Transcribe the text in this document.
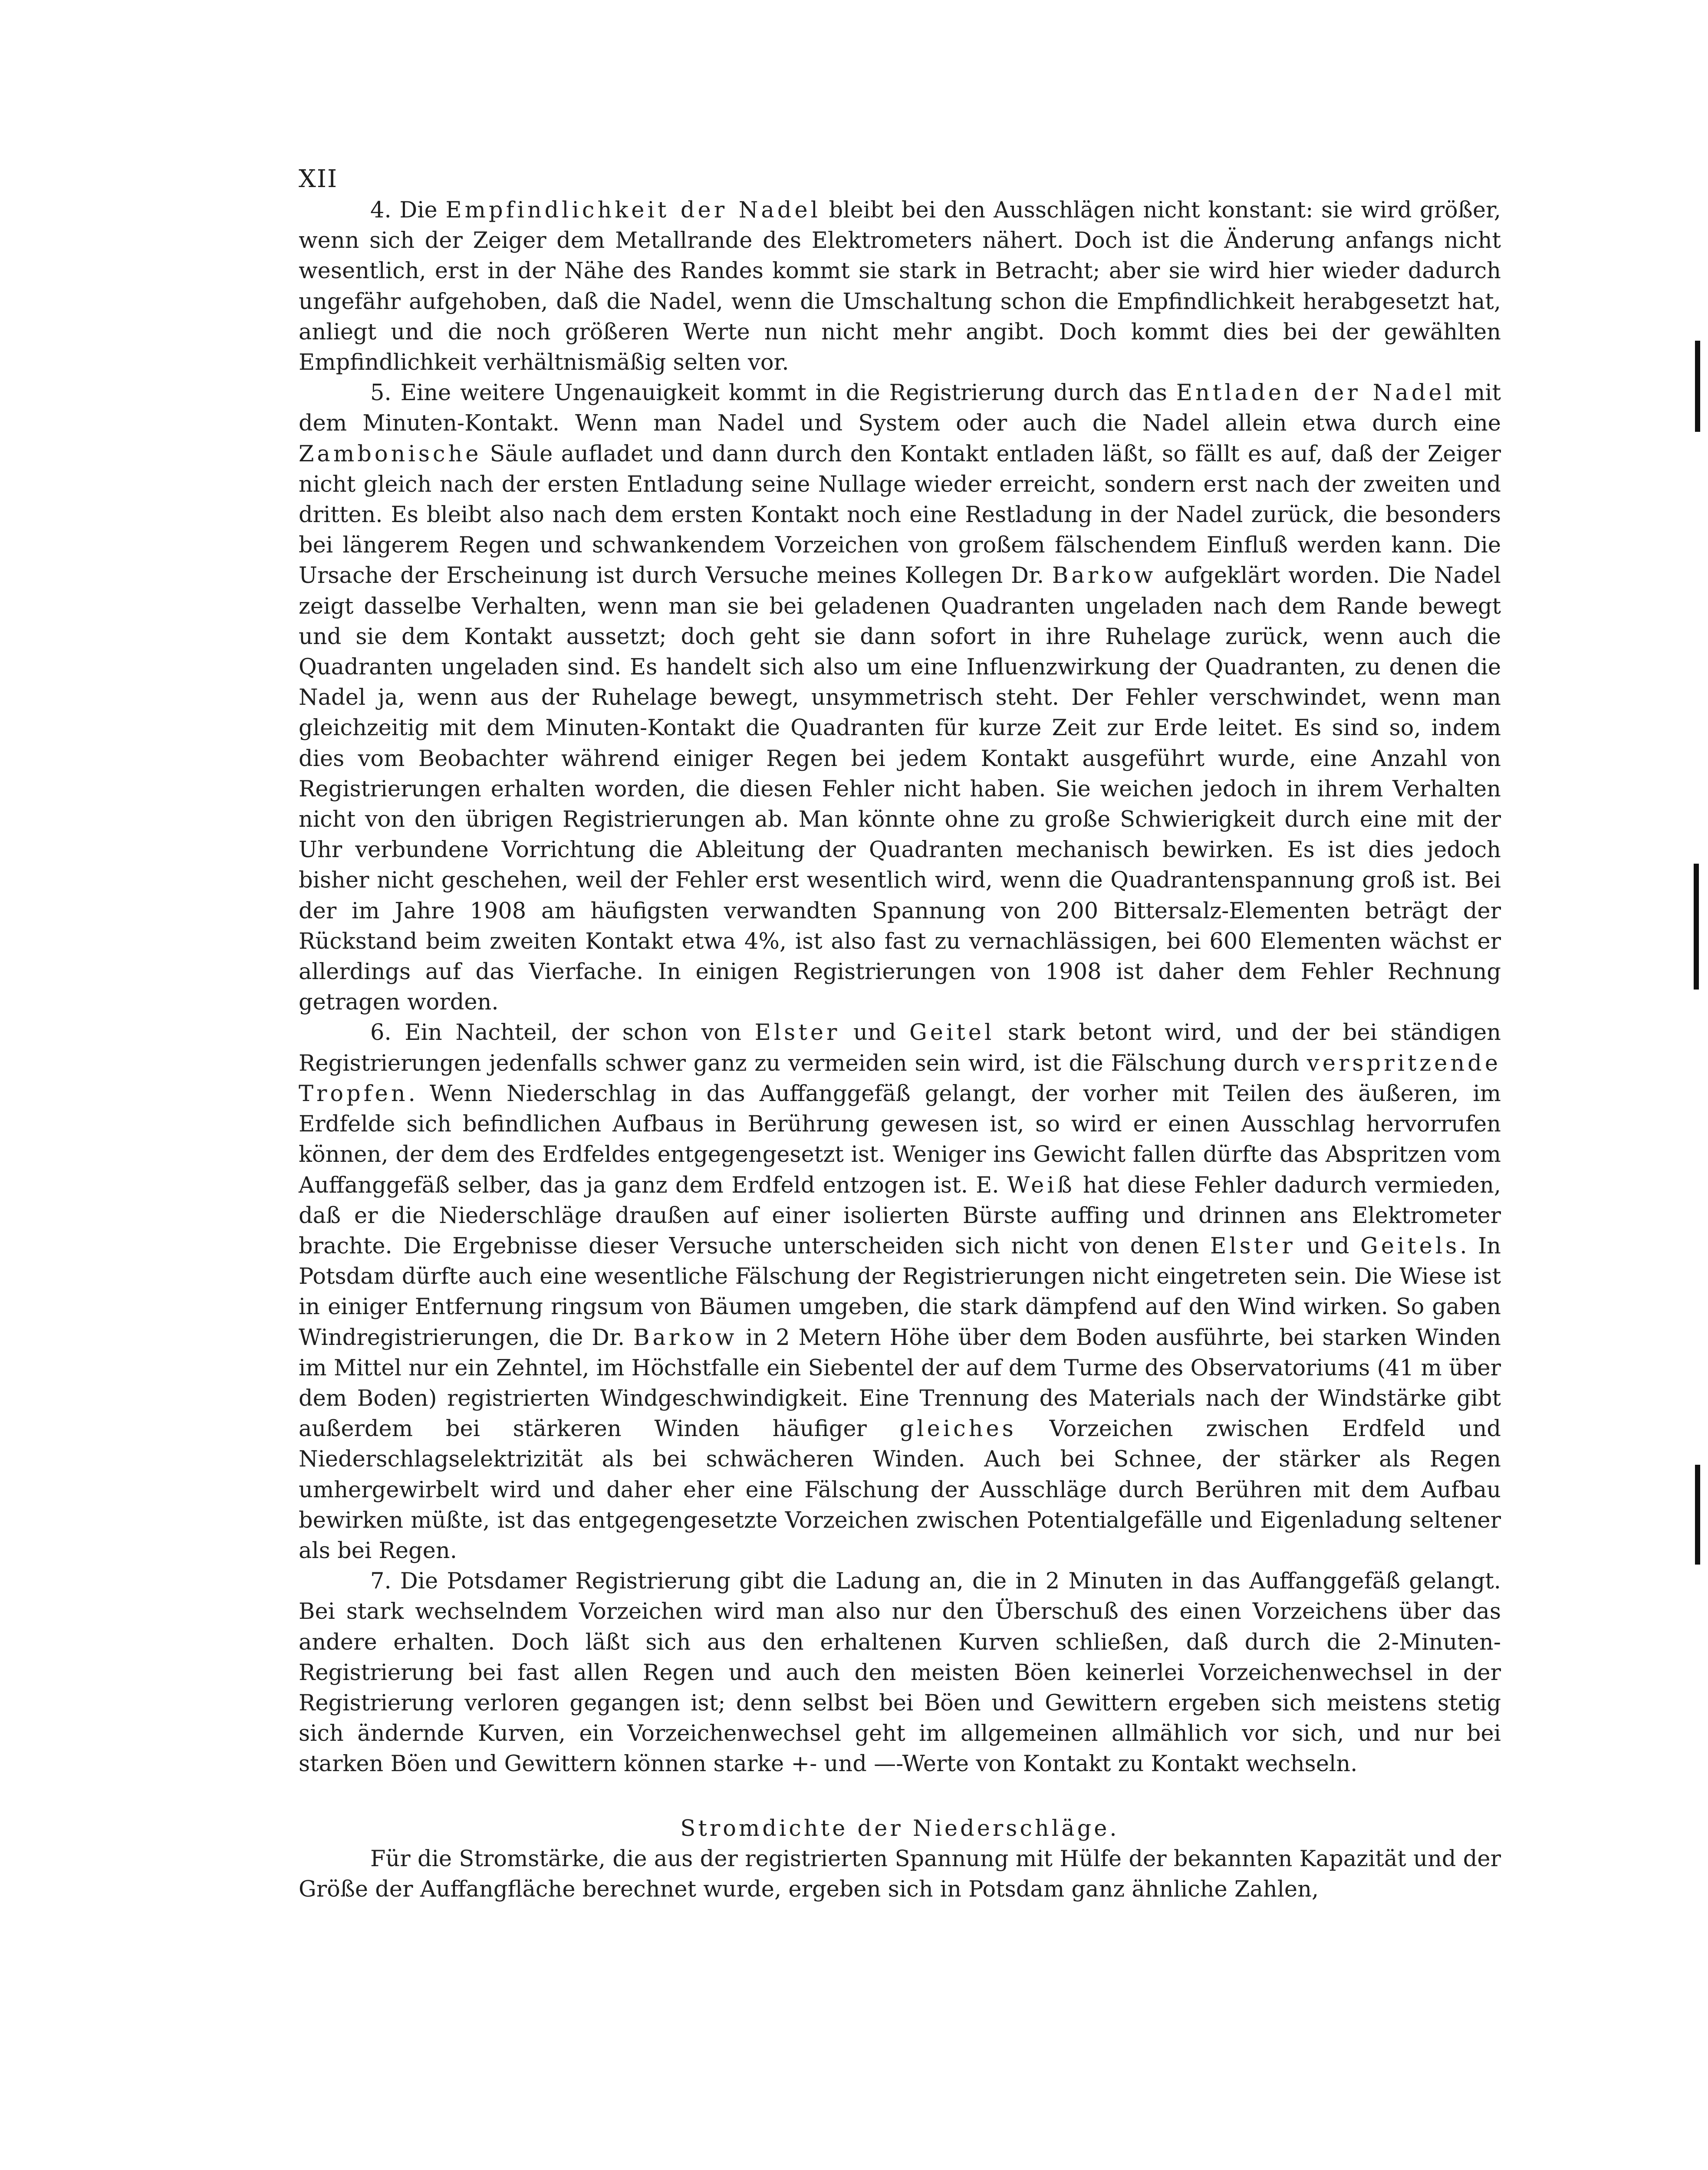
XII

4. Die Empfindlichkeit der Nadel bleibt bei den Ausschlägen nicht konstant: sie wird größer, wenn sich der Zeiger dem Metallrande des Elektrometers nähert. Doch ist die Änderung anfangs nicht wesentlich, erst in der Nähe des Randes kommt sie stark in Betracht; aber sie wird hier wieder dadurch ungefähr aufgehoben, daß die Nadel, wenn die Umschaltung schon die Empfindlichkeit herabgesetzt hat, anliegt und die noch größeren Werte nun nicht mehr angibt. Doch kommt dies bei der gewählten Empfindlichkeit verhältnismäßig selten vor.

5. Eine weitere Ungenauigkeit kommt in die Registrierung durch das Entladen der Nadel mit dem Minuten-Kontakt. Wenn man Nadel und System oder auch die Nadel allein etwa durch eine Zambonische Säule aufladet und dann durch den Kontakt entladen läßt, so fällt es auf, daß der Zeiger nicht gleich nach der ersten Entladung seine Nullage wieder erreicht, sondern erst nach der zweiten und dritten. Es bleibt also nach dem ersten Kontakt noch eine Restladung in der Nadel zurück, die besonders bei längerem Regen und schwankendem Vorzeichen von großem fälschendem Einfluß werden kann. Die Ursache der Erscheinung ist durch Versuche meines Kollegen Dr. Barkow aufgeklärt worden. Die Nadel zeigt dasselbe Verhalten, wenn man sie bei geladenen Quadranten ungeladen nach dem Rande bewegt und sie dem Kontakt aussetzt; doch geht sie dann sofort in ihre Ruhelage zurück, wenn auch die Quadranten ungeladen sind. Es handelt sich also um eine Influenzwirkung der Quadranten, zu denen die Nadel ja, wenn aus der Ruhelage bewegt, unsymmetrisch steht. Der Fehler verschwindet, wenn man gleichzeitig mit dem Minuten-Kontakt die Quadranten für kurze Zeit zur Erde leitet. Es sind so, indem dies vom Beobachter während einiger Regen bei jedem Kontakt ausgeführt wurde, eine Anzahl von Registrierungen erhalten worden, die diesen Fehler nicht haben. Sie weichen jedoch in ihrem Verhalten nicht von den übrigen Registrierungen ab. Man könnte ohne zu große Schwierigkeit durch eine mit der Uhr verbundene Vorrichtung die Ableitung der Quadranten mechanisch bewirken. Es ist dies jedoch bisher nicht geschehen, weil der Fehler erst wesentlich wird, wenn die Quadrantenspannung groß ist. Bei der im Jahre 1908 am häufigsten verwandten Spannung von 200 Bittersalz-Elementen beträgt der Rückstand beim zweiten Kontakt etwa 4%, ist also fast zu vernachlässigen, bei 600 Elementen wächst er allerdings auf das Vierfache. In einigen Registrierungen von 1908 ist daher dem Fehler Rechnung getragen worden.

6. Ein Nachteil, der schon von Elster und Geitel stark betont wird, und der bei ständigen Registrierungen jedenfalls schwer ganz zu vermeiden sein wird, ist die Fälschung durch verspritzende Tropfen. Wenn Niederschlag in das Auffanggefäß gelangt, der vorher mit Teilen des äußeren, im Erdfelde sich befindlichen Aufbaus in Berührung gewesen ist, so wird er einen Ausschlag hervorrufen können, der dem des Erdfeldes entgegengesetzt ist. Weniger ins Gewicht fallen dürfte das Abspritzen vom Auffanggefäß selber, das ja ganz dem Erdfeld entzogen ist. E. Weiß hat diese Fehler dadurch vermieden, daß er die Niederschläge draußen auf einer isolierten Bürste auffing und drinnen ans Elektrometer brachte. Die Ergebnisse dieser Versuche unterscheiden sich nicht von denen Elster und Geitels. In Potsdam dürfte auch eine wesentliche Fälschung der Registrierungen nicht eingetreten sein. Die Wiese ist in einiger Entfernung ringsum von Bäumen umgeben, die stark dämpfend auf den Wind wirken. So gaben Windregistrierungen, die Dr. Barkow in 2 Metern Höhe über dem Boden ausführte, bei starken Winden im Mittel nur ein Zehntel, im Höchstfalle ein Siebentel der auf dem Turme des Observatoriums (41 m über dem Boden) registrierten Windgeschwindigkeit. Eine Trennung des Materials nach der Windstärke gibt außerdem bei stärkeren Winden häufiger gleiches Vorzeichen zwischen Erdfeld und Niederschlagselektrizität als bei schwächeren Winden. Auch bei Schnee, der stärker als Regen umhergewirbelt wird und daher eher eine Fälschung der Ausschläge durch Berühren mit dem Aufbau bewirken müßte, ist das entgegengesetzte Vorzeichen zwischen Potentialgefälle und Eigenladung seltener als bei Regen.

7. Die Potsdamer Registrierung gibt die Ladung an, die in 2 Minuten in das Auffanggefäß gelangt. Bei stark wechselndem Vorzeichen wird man also nur den Überschuß des einen Vorzeichens über das andere erhalten. Doch läßt sich aus den erhaltenen Kurven schließen, daß durch die 2-Minuten-Registrierung bei fast allen Regen und auch den meisten Böen keinerlei Vorzeichenwechsel in der Registrierung verloren gegangen ist; denn selbst bei Böen und Gewittern ergeben sich meistens stetig sich ändernde Kurven, ein Vorzeichenwechsel geht im allgemeinen allmählich vor sich, und nur bei starken Böen und Gewittern können starke +- und —-Werte von Kontakt zu Kontakt wechseln.

Stromdichte der Niederschläge.

Für die Stromstärke, die aus der registrierten Spannung mit Hülfe der bekannten Kapazität und der Größe der Auffangfläche berechnet wurde, ergeben sich in Potsdam ganz ähnliche Zahlen,
